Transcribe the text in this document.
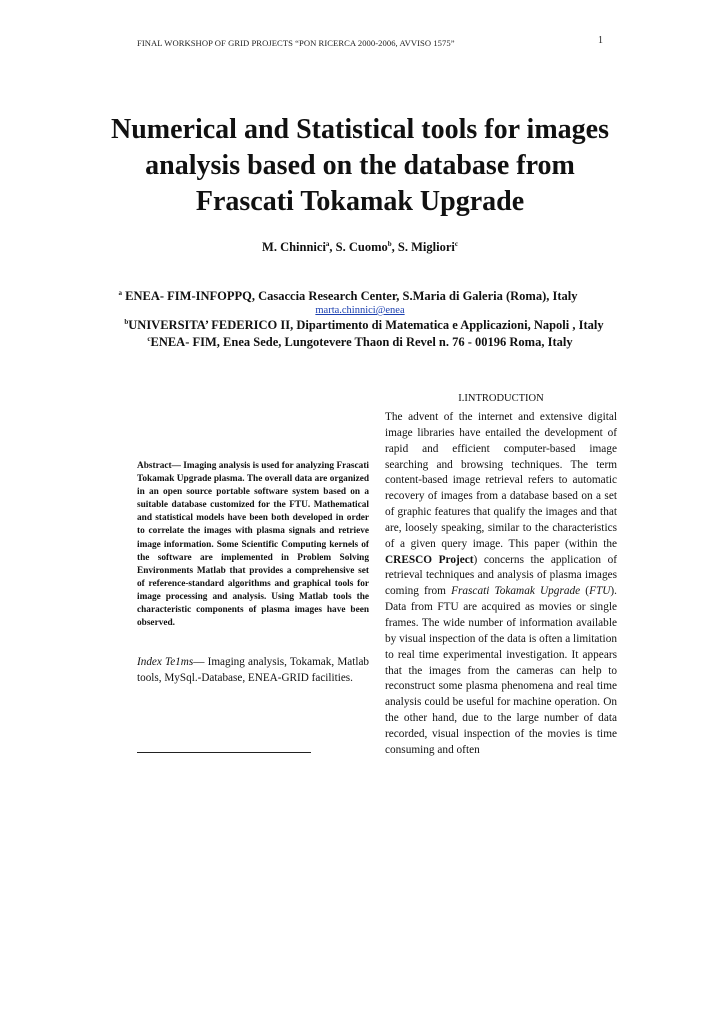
FINAL WORKSHOP OF GRID PROJECTS “PON RICERCA 2000-2006, AVVISO 1575”	1
Numerical and Statistical tools for images
analysis based on the database from
Frascati Tokamak Upgrade
M. Chinnici$^a$, S. Cuomo$^b$, S. Migliori$^c$
$^a$ ENEA- FIM-INFOPPQ, Casaccia Research Center, S.Maria di Galeria (Roma), Italy
marta.chinnici@enea
$^b$UNIVERSITA’ FEDERICO II, Dipartimento di Matematica e Applicazioni, Napoli , Italy
$^c$ENEA- FIM, Enea Sede, Lungotevere Thaon di Revel n. 76 - 00196 Roma, Italy

Abstract— Imaging analysis is used for analyzing Frascati Tokamak Upgrade plasma. The overall data are organized in an open source portable software system based on a suitable database customized for the FTU. Mathematical and statistical models have been both developed in order to correlate the images with plasma signals and retrieve image information. Some Scientific Computing kernels of the software are implemented in Problem Solving Environments Matlab that provides a comprehensive set of reference-standard algorithms and graphical tools for image processing and analysis. Using Matlab tools the characteristic components of plasma images have been observed.

Index Te1ms— Imaging analysis, Tokamak, Matlab tools, MySql.-Database, ENEA-GRID facilities.

I.INTRODUCTION

The advent of the internet and extensive digital image libraries have entailed the development of rapid and efficient computer-based image searching and browsing techniques. The term content-based image retrieval refers to automatic recovery of images from a database based on a set of graphic features that qualify the images and that are, loosely speaking, similar to the characteristics of a given query image. This paper (within the CRESCO Project) concerns the application of retrieval techniques and analysis of plasma images coming from Frascati Tokamak Upgrade (FTU). Data from FTU are acquired as movies or single frames. The wide number of information available by visual inspection of the data is often a limitation to real time experimental investigation. It appears that the images from the cameras can help to reconstruct some plasma phenomena and real time analysis could be useful for machine operation. On the other hand, due to the large number of data recorded, visual inspection of the movies is time consuming and often
